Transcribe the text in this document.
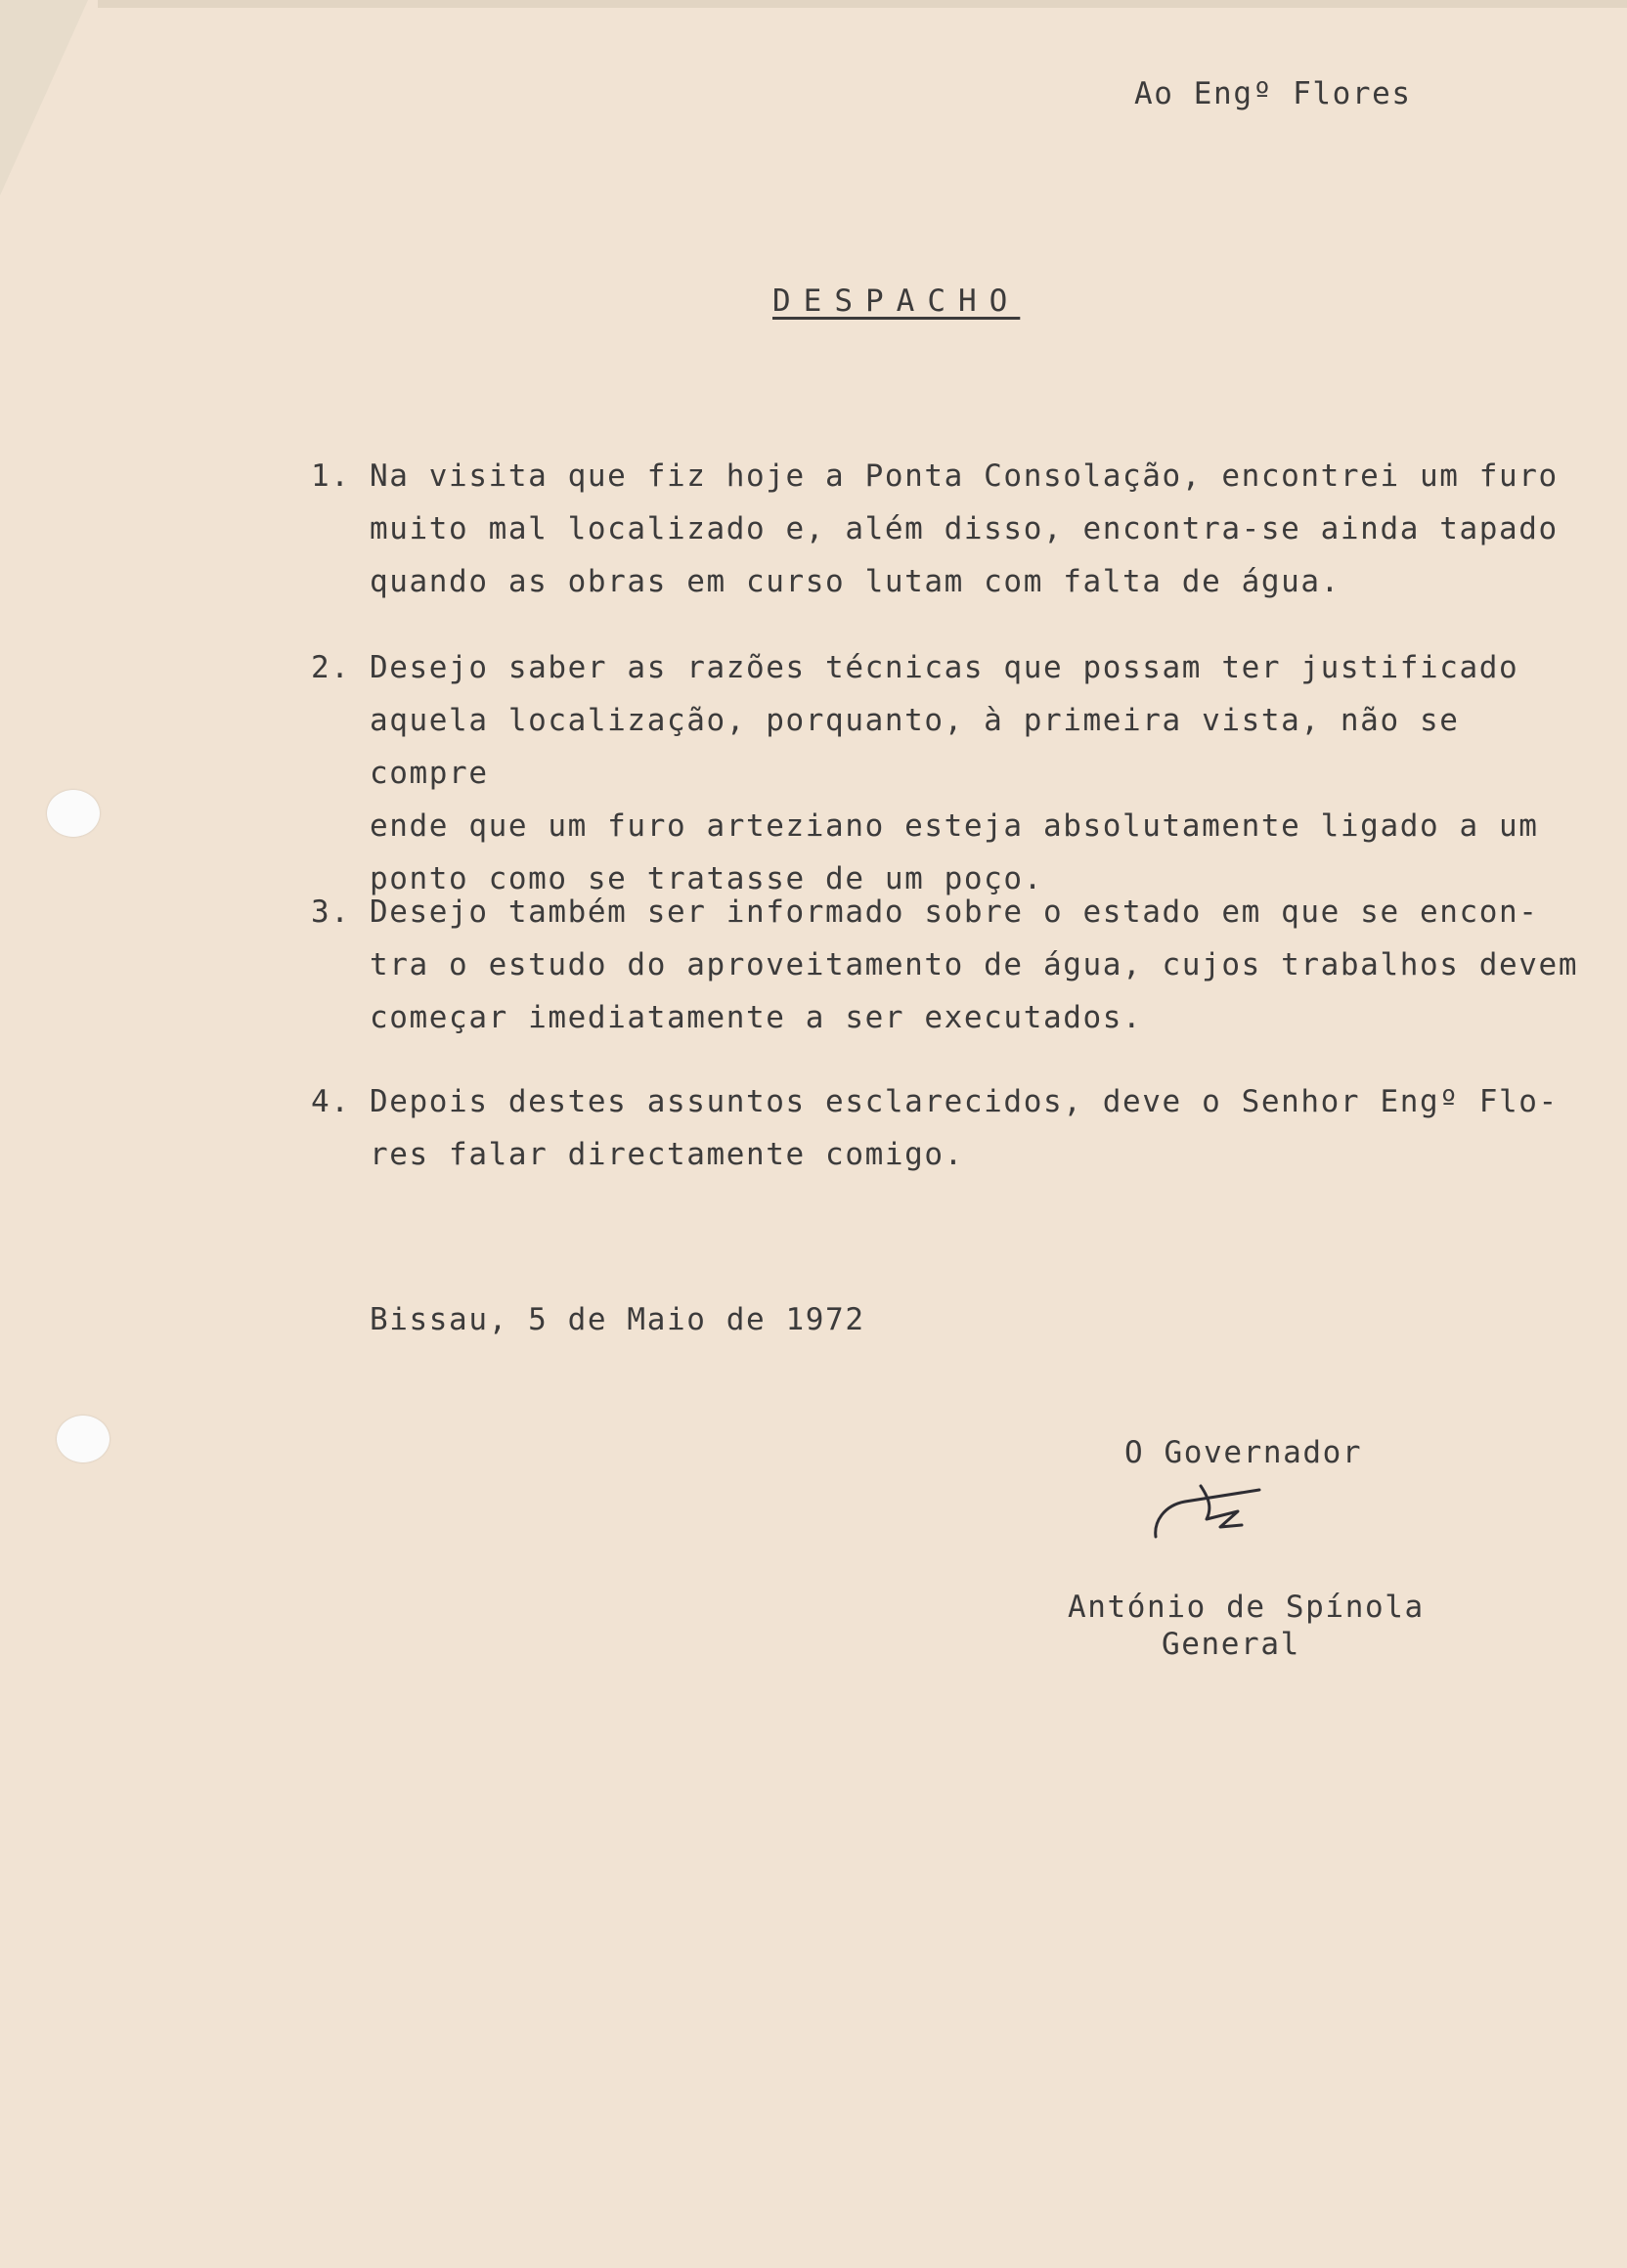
Ao Engº Flores
DESPACHO
1. Na visita que fiz hoje a Ponta Consolação, encontrei um furo
muito mal localizado e, além disso, encontra-se ainda tapado
quando as obras em curso lutam com falta de água.
2. Desejo saber as razões técnicas que possam ter justificado
aquela localização, porquanto, à primeira vista, não se compre
ende que um furo arteziano esteja absolutamente ligado a um
ponto como se tratasse de um poço.
3. Desejo também ser informado sobre o estado em que se encon-
tra o estudo do aproveitamento de água, cujos trabalhos devem
começar imediatamente a ser executados.
4. Depois destes assuntos esclarecidos, deve o Senhor Engº Flo-
res falar directamente comigo.
Bissau, 5 de Maio de 1972
O Governador
António de Spínola
General
